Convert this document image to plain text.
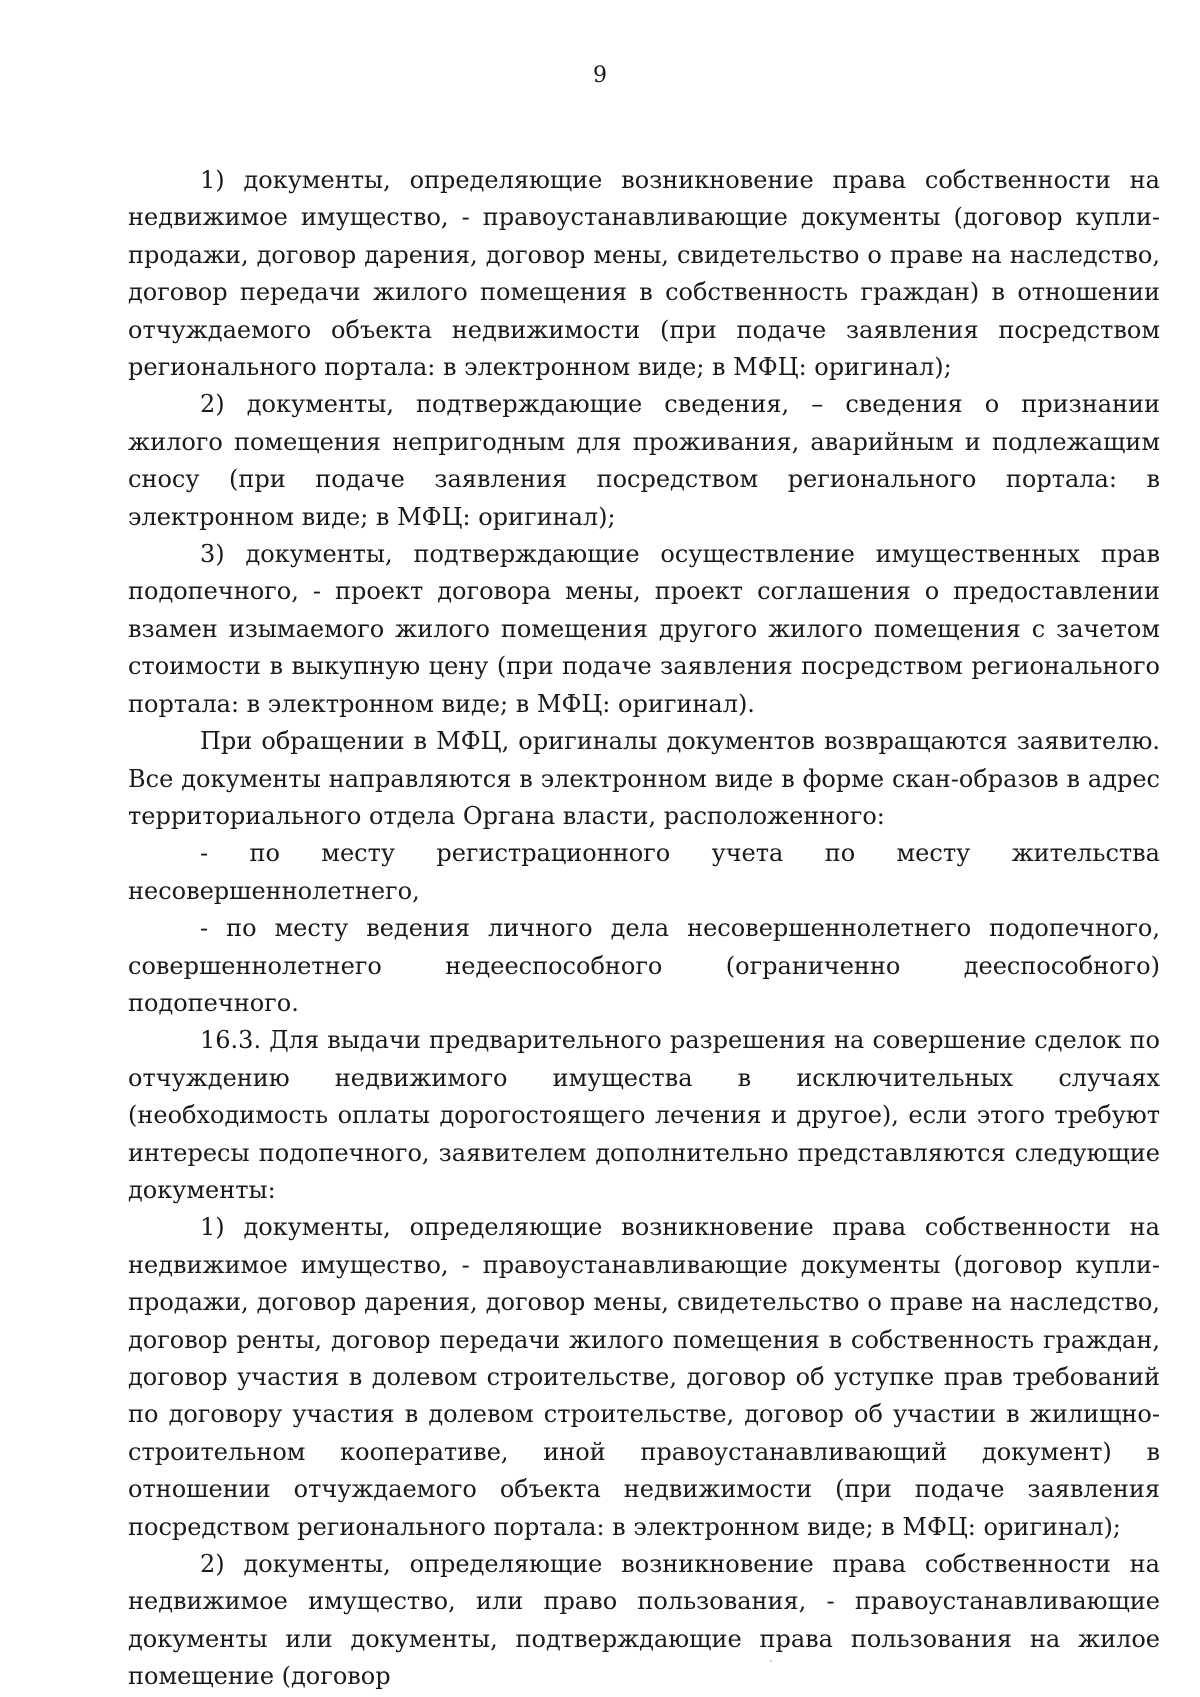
9

1) документы, определяющие возникновение права собственности на недвижимое имущество, - правоустанавливающие документы (договор купли-продажи, договор дарения, договор мены, свидетельство о праве на наследство, договор передачи жилого помещения в собственность граждан) в отношении отчуждаемого объекта недвижимости (при подаче заявления посредством регионального портала: в электронном виде; в МФЦ: оригинал);

2) документы, подтверждающие сведения, – сведения о признании жилого помещения непригодным для проживания, аварийным и подлежащим сносу (при подаче заявления посредством регионального портала: в электронном виде; в МФЦ: оригинал);

3) документы, подтверждающие осуществление имущественных прав подопечного, - проект договора мены, проект соглашения о предоставлении взамен изымаемого жилого помещения другого жилого помещения с зачетом стоимости в выкупную цену (при подаче заявления посредством регионального портала: в электронном виде; в МФЦ: оригинал).

При обращении в МФЦ, оригиналы документов возвращаются заявителю. Все документы направляются в электронном виде в форме скан-образов в адрес территориального отдела Органа власти, расположенного:

- по месту регистрационного учета по месту жительства несовершеннолетнего,

- по месту ведения личного дела несовершеннолетнего подопечного, совершеннолетнего недееспособного (ограниченно дееспособного) подопечного.

16.3. Для выдачи предварительного разрешения на совершение сделок по отчуждению недвижимого имущества в исключительных случаях (необходимость оплаты дорогостоящего лечения и другое), если этого требуют интересы подопечного, заявителем дополнительно представляются следующие документы:

1) документы, определяющие возникновение права собственности на недвижимое имущество, - правоустанавливающие документы (договор купли-продажи, договор дарения, договор мены, свидетельство о праве на наследство, договор ренты, договор передачи жилого помещения в собственность граждан, договор участия в долевом строительстве, договор об уступке прав требований по договору участия в долевом строительстве, договор об участии в жилищно-строительном кооперативе, иной правоустанавливающий документ) в отношении отчуждаемого объекта недвижимости (при подаче заявления посредством регионального портала: в электронном виде; в МФЦ: оригинал);

2) документы, определяющие возникновение права собственности на недвижимое имущество, или право пользования, - правоустанавливающие документы или документы, подтверждающие права пользования на жилое помещение (договор
